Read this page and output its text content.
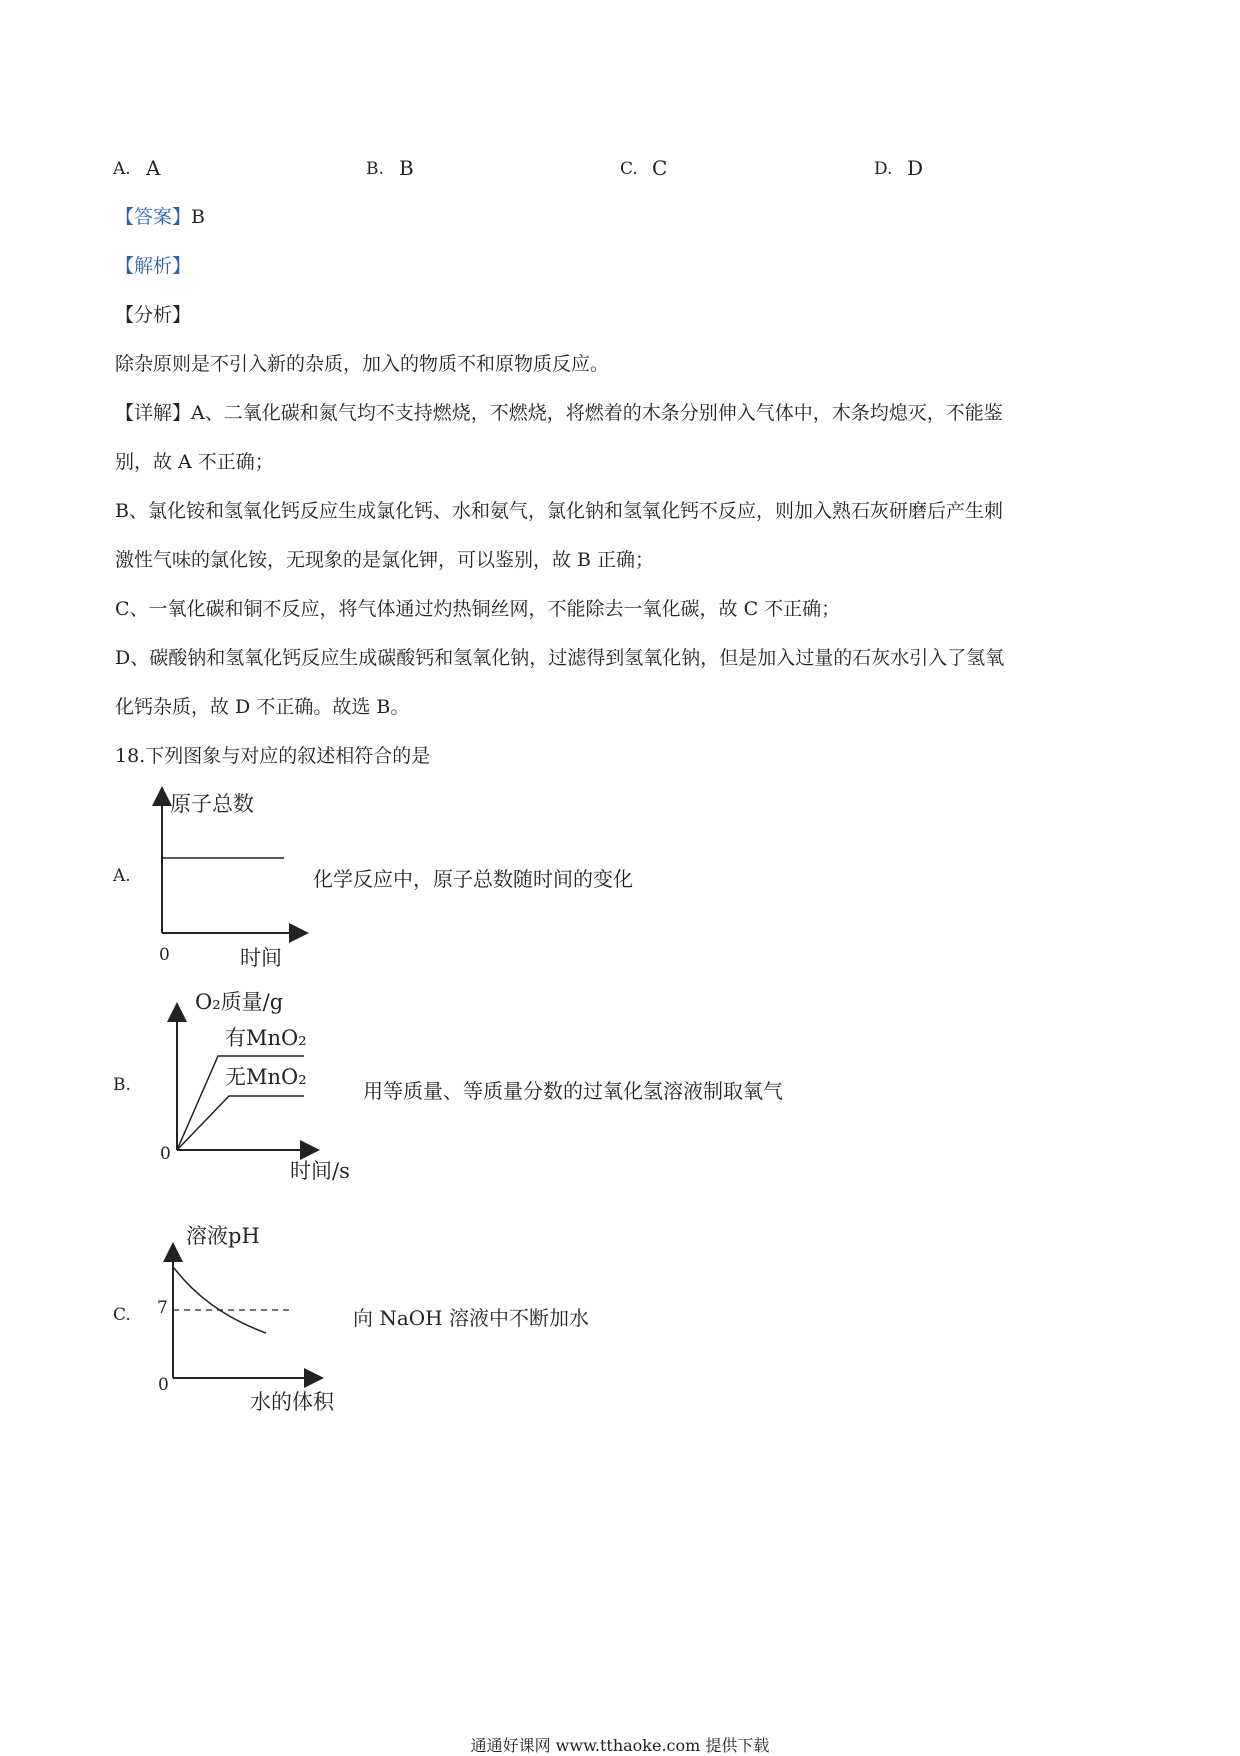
A. A	B. B	C. C	D. D
【答案】B
【解析】
【分析】
除杂原则是不引入新的杂质，加入的物质不和原物质反应。
【详解】A、二氧化碳和氮气均不支持燃烧，不燃烧，将燃着的木条分别伸入气体中，木条均熄灭，不能鉴
别，故 A 不正确；
B、氯化铵和氢氧化钙反应生成氯化钙、水和氨气，氯化钠和氢氧化钙不反应，则加入熟石灰研磨后产生刺
激性气味的氯化铵，无现象的是氯化钾，可以鉴别，故 B 正确；
C、一氧化碳和铜不反应，将气体通过灼热铜丝网，不能除去一氧化碳，故 C 不正确；
D、碳酸钠和氢氧化钙反应生成碳酸钙和氢氧化钠，过滤得到氢氧化钠，但是加入过量的石灰水引入了氢氧
化钙杂质，故 D 不正确。故选 B。
18.下列图象与对应的叙述相符合的是
A.
原子总数
0	时间
化学反应中，原子总数随时间的变化
B.
O₂质量/g
有MnO₂
无MnO₂
0
时间/s
用等质量、等质量分数的过氧化氢溶液制取氧气
C.
溶液pH
7
0
水的体积
向 NaOH 溶液中不断加水
通通好课网 www.tthaoke.com 提供下载
